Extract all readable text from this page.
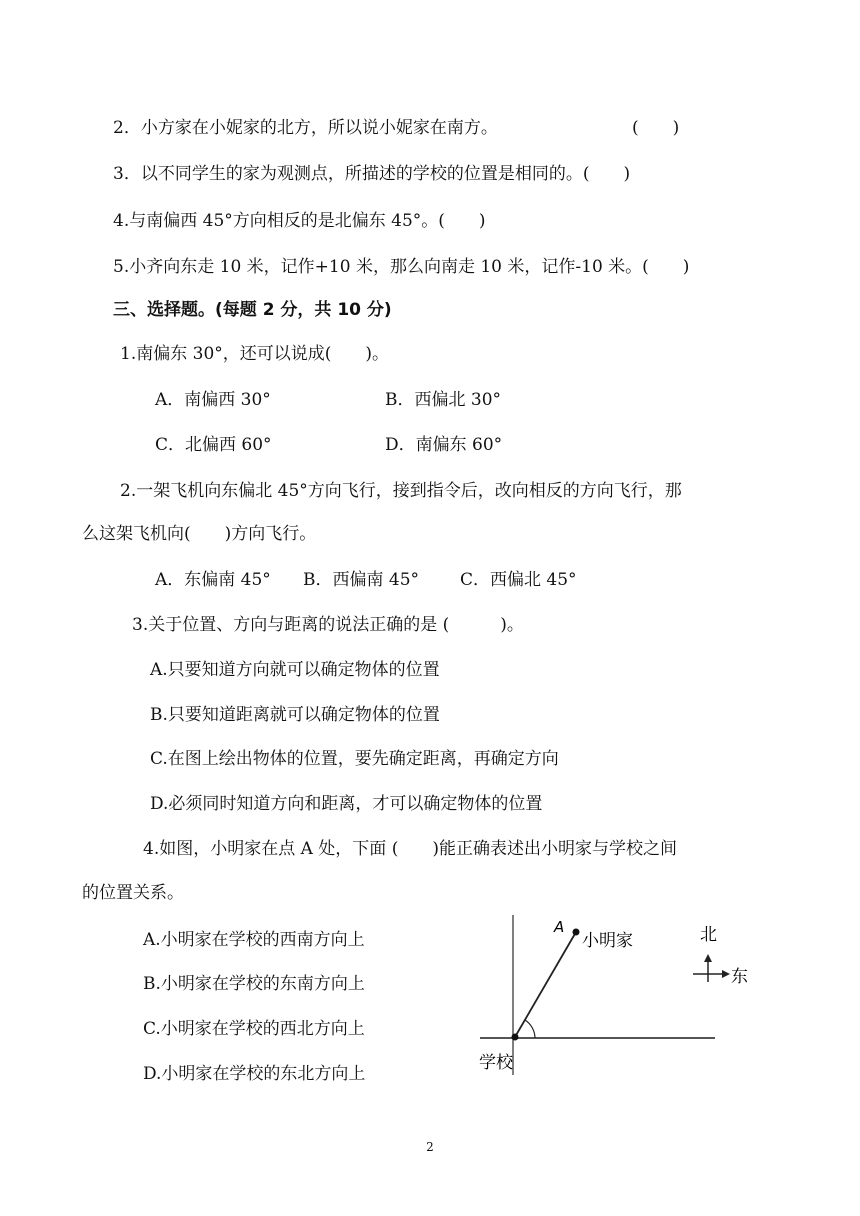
2．小方家在小妮家的北方，所以说小妮家在南方。	(　　)
3．以不同学生的家为观测点，所描述的学校的位置是相同的。(　　)
4.与南偏西 45°方向相反的是北偏东 45°。(　　)
5.小齐向东走 10 米，记作+10 米，那么向南走 10 米，记作-10 米。(　　)
三、选择题。(每题 2 分，共 10 分)
1.南偏东 30°，还可以说成(　　)。
A．南偏西 30°	B．西偏北 30°
C．北偏西 60°	D．南偏东 60°
2.一架飞机向东偏北 45°方向飞行，接到指令后，改向相反的方向飞行，那
么这架飞机向(　　)方向飞行。
A．东偏南 45° B．西偏南 45° C．西偏北 45°
3.关于位置、方向与距离的说法正确的是 (　　　)。
A.只要知道方向就可以确定物体的位置
B.只要知道距离就可以确定物体的位置
C.在图上绘出物体的位置，要先确定距离，再确定方向
D.必须同时知道方向和距离，才可以确定物体的位置
4.如图，小明家在点 A 处，下面 (　　)能正确表述出小明家与学校之间
的位置关系。
A.小明家在学校的西南方向上
B.小明家在学校的东南方向上
C.小明家在学校的西北方向上
D.小明家在学校的东北方向上
A
小明家
学校
北
东
2
